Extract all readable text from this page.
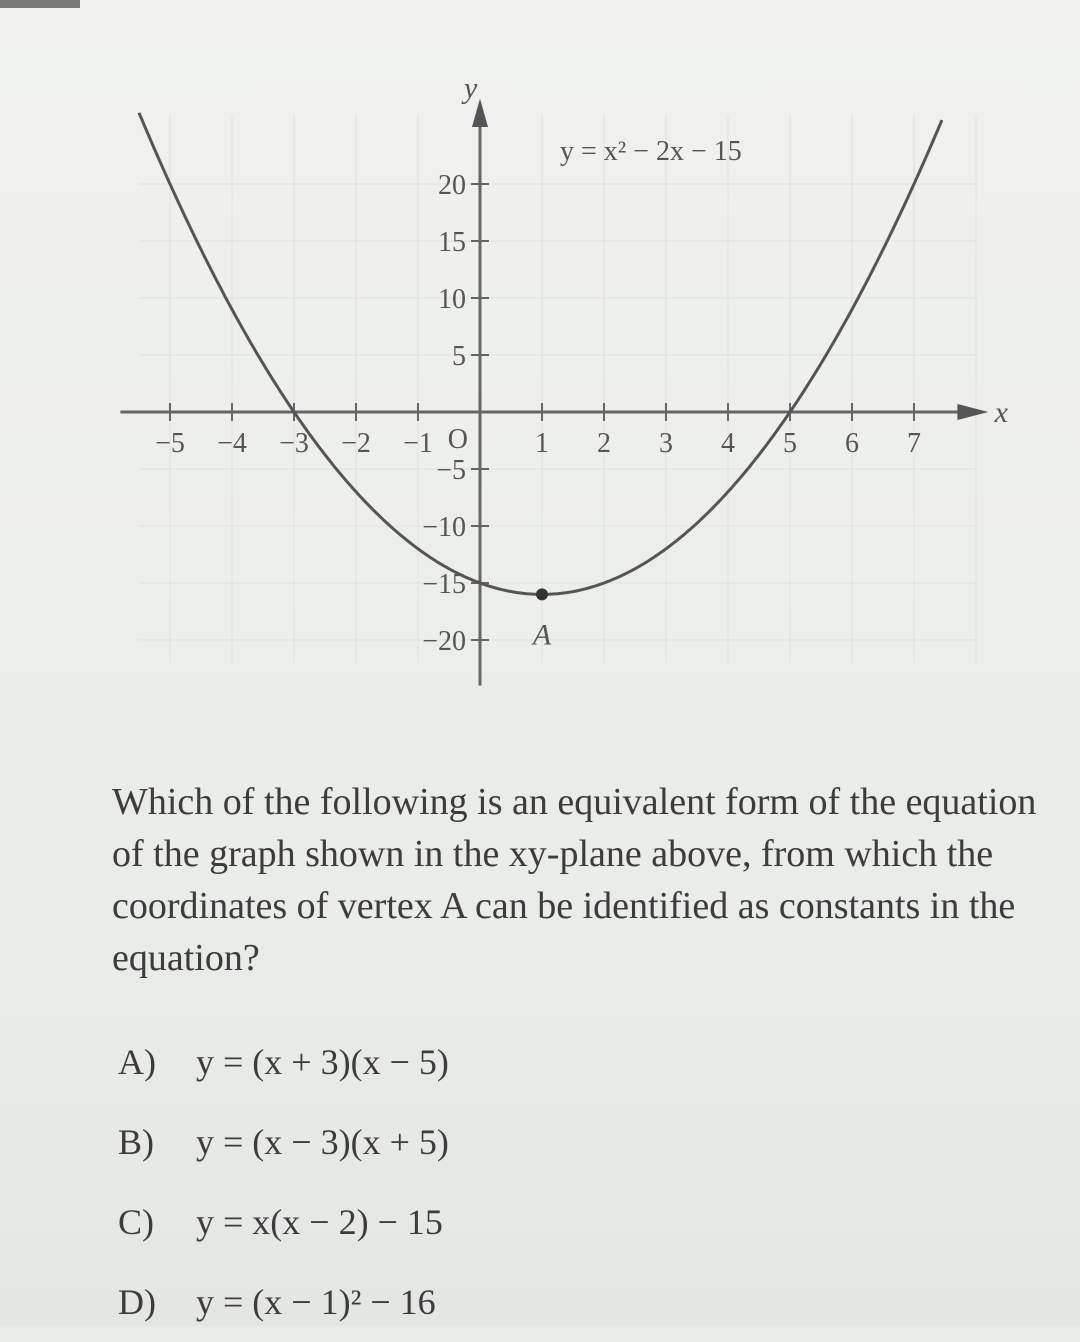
−5 −4 −3 −2 −1	1 2 3 4 5 6 7
20
15
10
5
−5
−10
−15
−20
O
x
y
A
y = x² − 2x − 15

Which of the following is an equivalent form of the equation of the graph shown in the xy-plane above, from which the coordinates of vertex A can be identified as constants in the equation?

A)	y = (x + 3)(x − 5)
B)	y = (x − 3)(x + 5)
C)	y = x(x − 2) − 15
D)	y = (x − 1)² − 16
